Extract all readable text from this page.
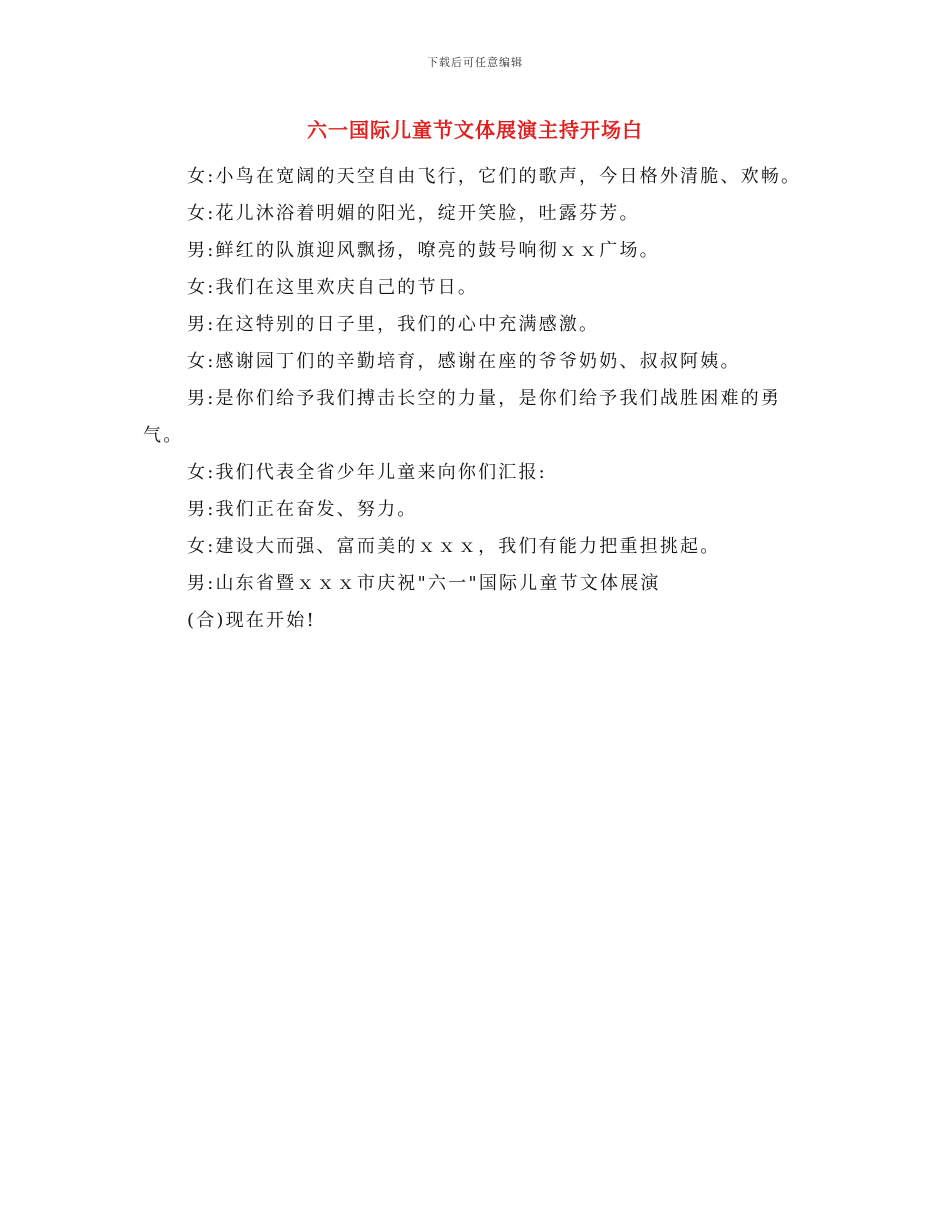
下载后可任意编辑
六一国际儿童节文体展演主持开场白

女:小鸟在宽阔的天空自由飞行，它们的歌声，今日格外清脆、欢畅。

女:花儿沐浴着明媚的阳光，绽开笑脸，吐露芬芳。

男:鲜红的队旗迎风飘扬，嘹亮的鼓号响彻ｘｘ广场。

女:我们在这里欢庆自己的节日。

男:在这特别的日子里，我们的心中充满感激。

女:感谢园丁们的辛勤培育，感谢在座的爷爷奶奶、叔叔阿姨。

男:是你们给予我们搏击长空的力量，是你们给予我们战胜困难的勇气。

女:我们代表全省少年儿童来向你们汇报:

男:我们正在奋发、努力。

女:建设大而强、富而美的ｘｘｘ，我们有能力把重担挑起。

男:山东省暨ｘｘｘ市庆祝"六一"国际儿童节文体展演

(合)现在开始!
